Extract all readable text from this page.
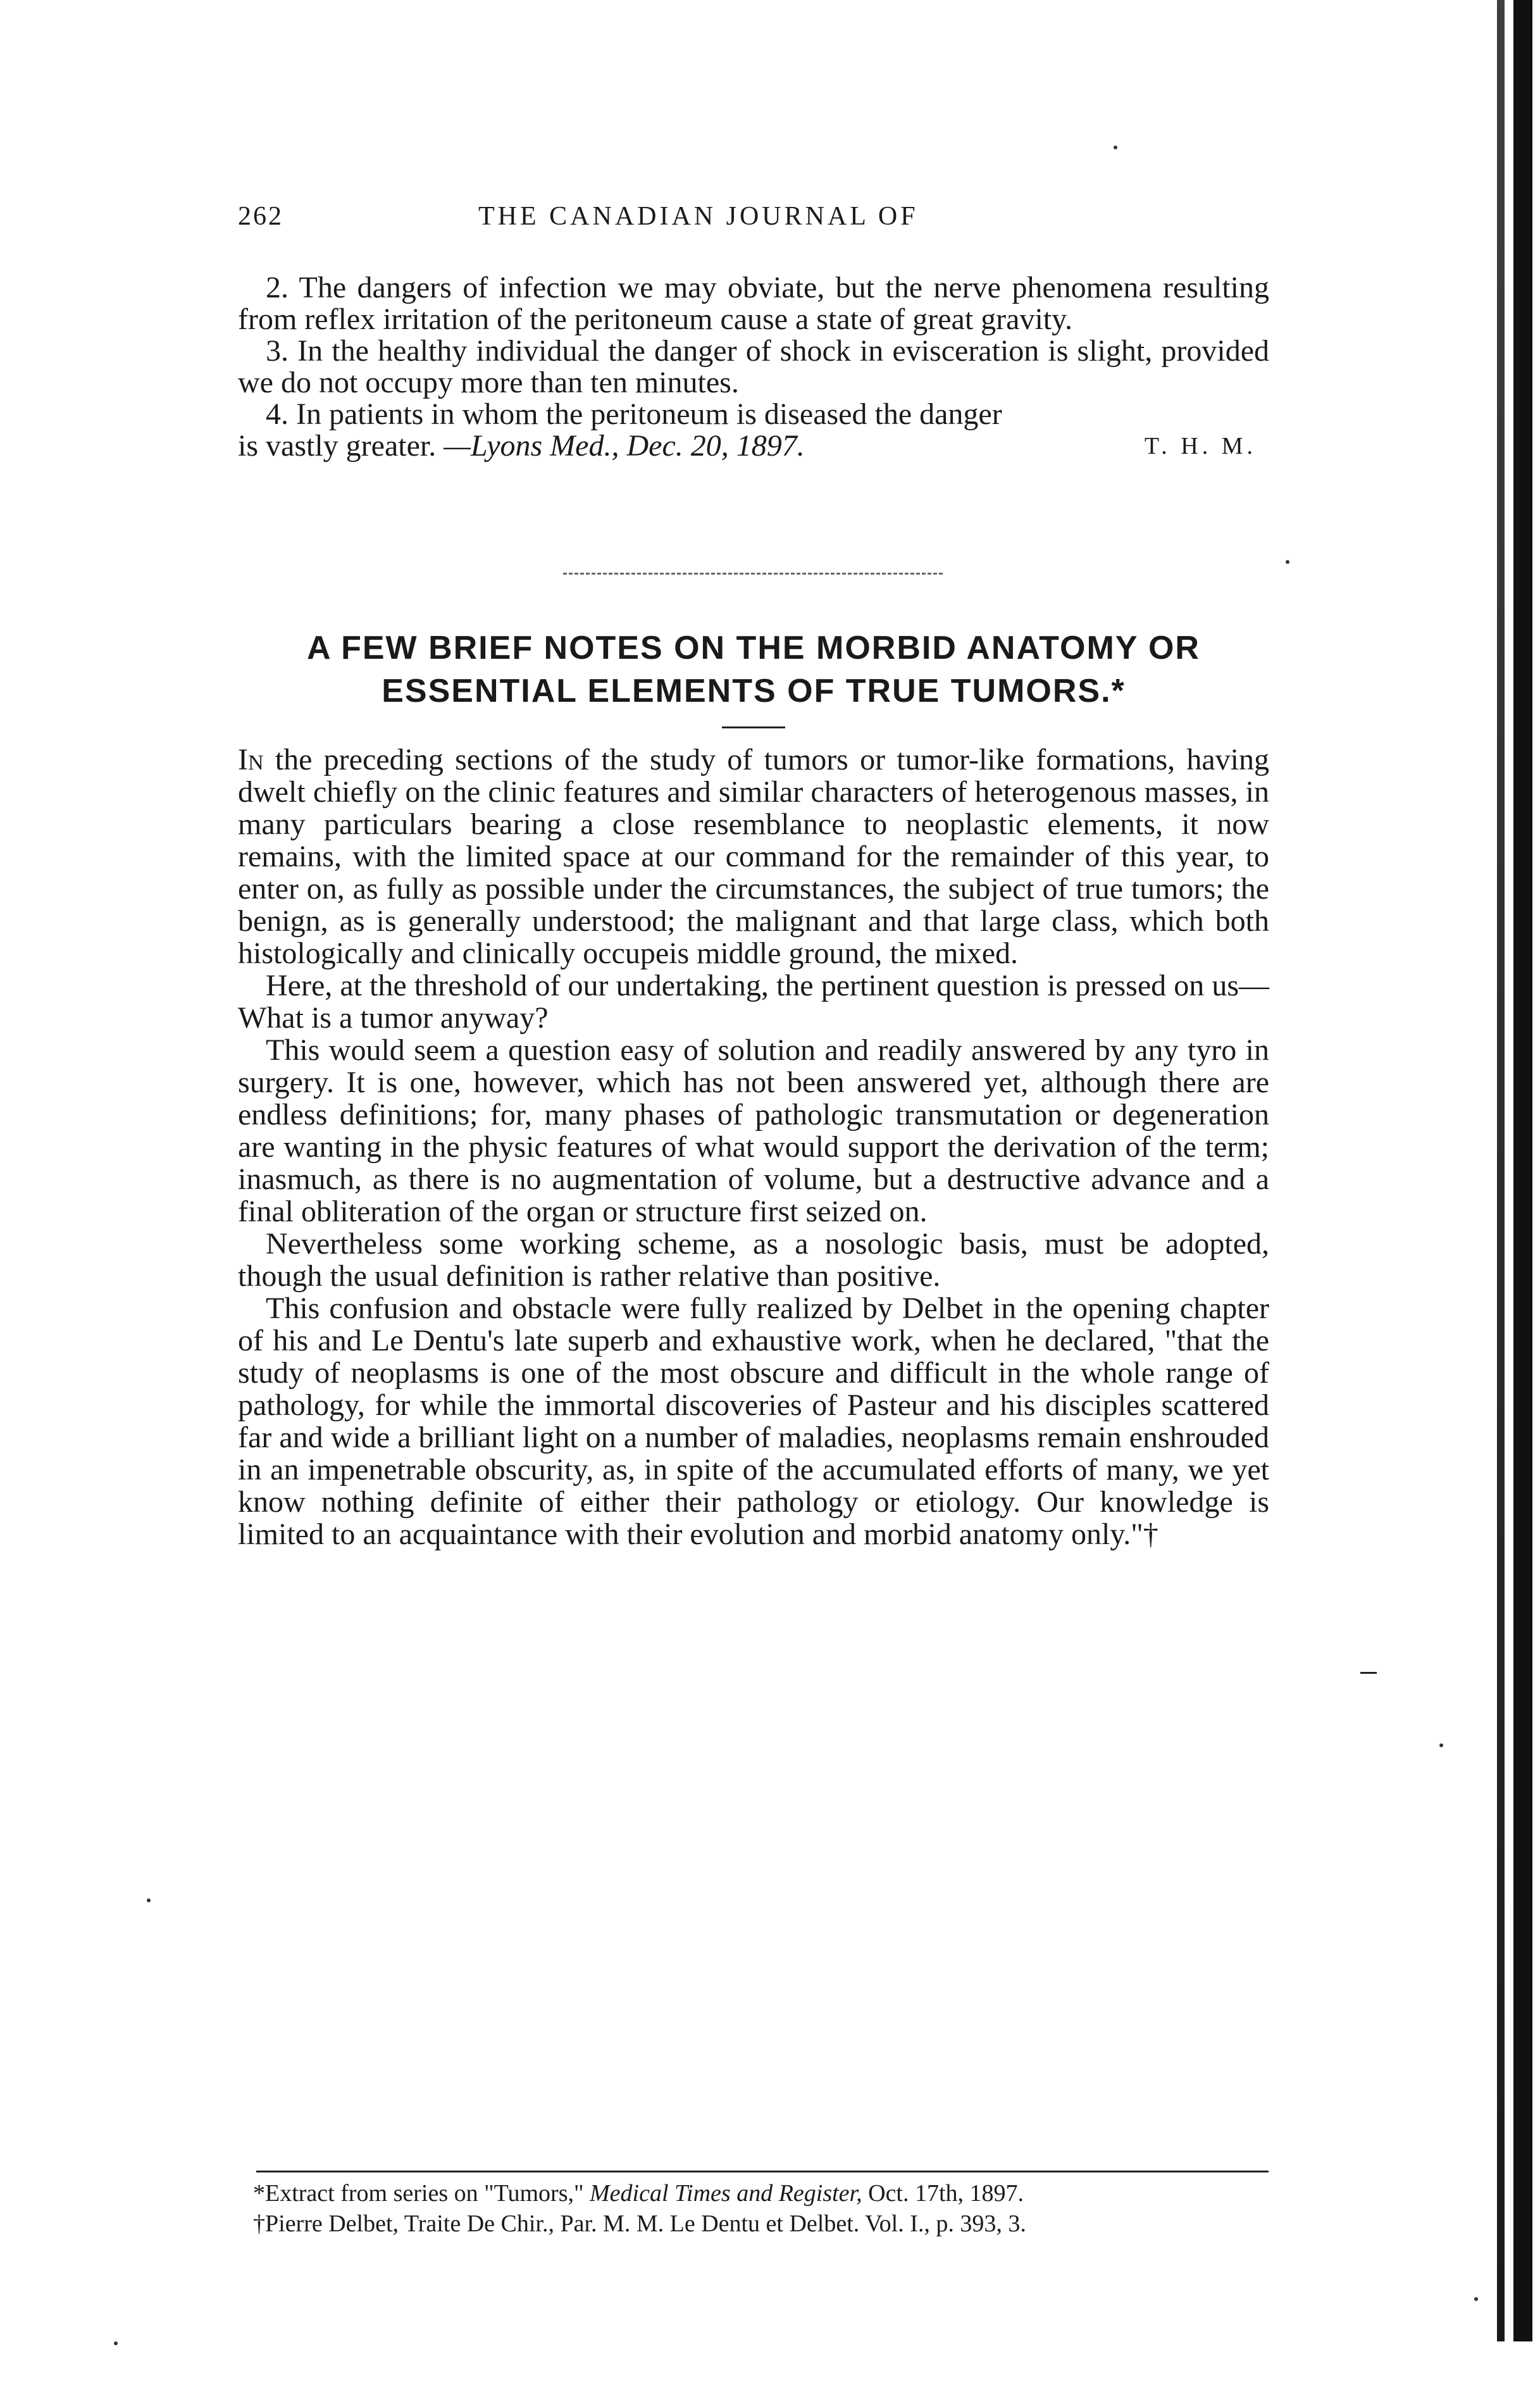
262	THE CANADIAN JOURNAL OF

2. The dangers of infection we may obviate, but the nerve phenomena resulting from reflex irritation of the peritoneum cause a state of great gravity.

3. In the healthy individual the danger of shock in evisceration is slight, provided we do not occupy more than ten minutes.

4. In patients in whom the peritoneum is diseased the danger

is vastly greater. —Lyons Med., Dec. 20, 1897.	T. H. M.
A FEW BRIEF NOTES ON THE MORBID ANATOMY OR
ESSENTIAL ELEMENTS OF TRUE TUMORS.*

In the preceding sections of the study of tumors or tumor-like formations, having dwelt chiefly on the clinic features and similar characters of heterogenous masses, in many particulars bearing a close resemblance to neoplastic elements, it now remains, with the limited space at our command for the remainder of this year, to enter on, as fully as possible under the circumstances, the subject of true tumors; the benign, as is generally understood; the malignant and that large class, which both histologically and clinically occupeis middle ground, the mixed.

Here, at the threshold of our undertaking, the pertinent question is pressed on us—What is a tumor anyway?

This would seem a question easy of solution and readily answered by any tyro in surgery. It is one, however, which has not been answered yet, although there are endless definitions; for, many phases of pathologic transmutation or degeneration are wanting in the physic features of what would support the derivation of the term; inasmuch, as there is no augmentation of volume, but a destructive advance and a final obliteration of the organ or structure first seized on.

Nevertheless some working scheme, as a nosologic basis, must be adopted, though the usual definition is rather relative than positive.

This confusion and obstacle were fully realized by Delbet in the opening chapter of his and Le Dentu's late superb and exhaustive work, when he declared, "that the study of neoplasms is one of the most obscure and difficult in the whole range of pathology, for while the immortal discoveries of Pasteur and his disciples scattered far and wide a brilliant light on a number of maladies, neoplasms remain enshrouded in an impenetrable obscurity, as, in spite of the accumulated efforts of many, we yet know nothing definite of either their pathology or etiology. Our knowledge is limited to an acquaintance with their evolution and morbid anatomy only."†

*Extract from series on "Tumors," Medical Times and Register, Oct. 17th, 1897.

†Pierre Delbet, Traite De Chir., Par. M. M. Le Dentu et Delbet. Vol. I., p. 393, 3.
